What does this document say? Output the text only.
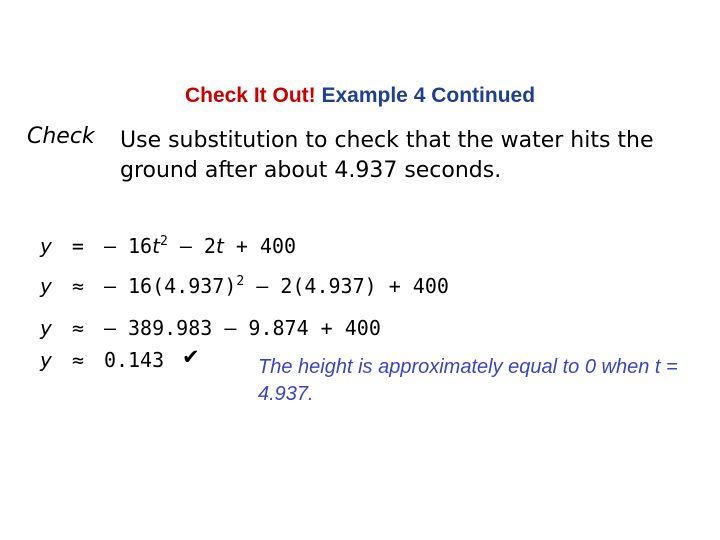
Check It Out! Example 4 Continued
Check Use substitution to check that the water hits the ground after about 4.937 seconds.
y = – $16t^2 - 2t + 400$
y ≈ – $16(4.937)^2 - 2(4.937) + 400$
y ≈ – 389.983 – 9.874 + 400
y ≈ 0.143 ✔	The height is approximately equal to 0 when t = 4.937.
